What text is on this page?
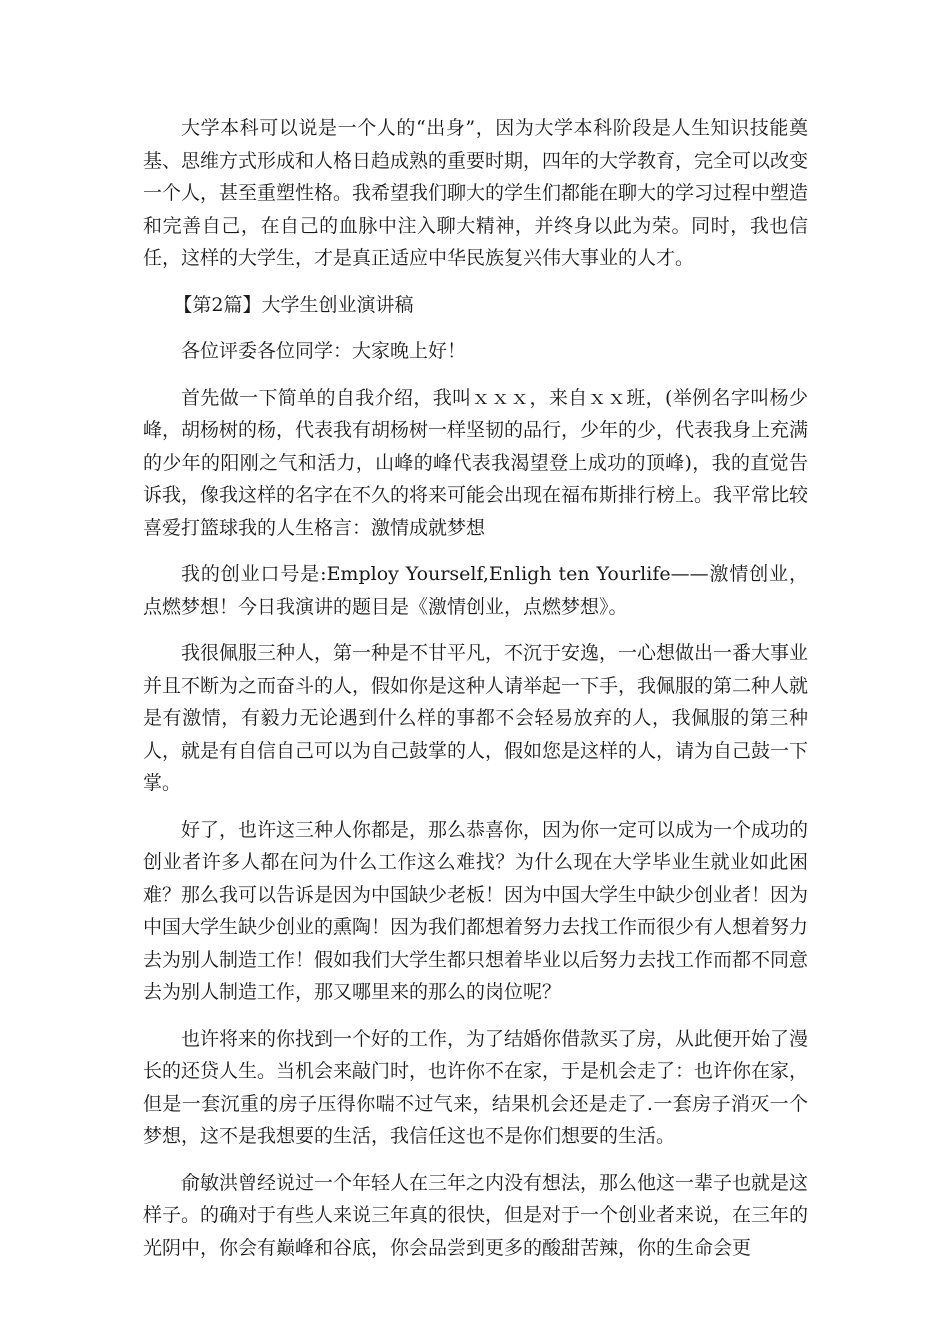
大学本科可以说是一个人的“出身”，因为大学本科阶段是人生知识技能奠基、思维方式形成和人格日趋成熟的重要时期，四年的大学教育，完全可以改变一个人，甚至重塑性格。我希望我们聊大的学生们都能在聊大的学习过程中塑造和完善自己，在自己的血脉中注入聊大精神，并终身以此为荣。同时，我也信任，这样的大学生，才是真正适应中华民族复兴伟大事业的人才。

【第2篇】大学生创业演讲稿

各位评委各位同学：大家晚上好！

首先做一下简单的自我介绍，我叫ｘｘｘ，来自ｘｘ班，(举例名字叫杨少峰，胡杨树的杨，代表我有胡杨树一样坚韧的品行，少年的少，代表我身上充满的少年的阳刚之气和活力，山峰的峰代表我渴望登上成功的顶峰)，我的直觉告诉我，像我这样的名字在不久的将来可能会出现在福布斯排行榜上。我平常比较喜爱打篮球我的人生格言：激情成就梦想

我的创业口号是:Employ Yourself,Enligh ten Yourlife——激情创业，点燃梦想！今日我演讲的题目是《激情创业，点燃梦想》。

我很佩服三种人，第一种是不甘平凡，不沉于安逸，一心想做出一番大事业并且不断为之而奋斗的人，假如你是这种人请举起一下手，我佩服的第二种人就是有激情，有毅力无论遇到什么样的事都不会轻易放弃的人，我佩服的第三种人，就是有自信自己可以为自己鼓掌的人，假如您是这样的人，请为自己鼓一下掌。

好了，也许这三种人你都是，那么恭喜你，因为你一定可以成为一个成功的创业者许多人都在问为什么工作这么难找？为什么现在大学毕业生就业如此困难？那么我可以告诉是因为中国缺少老板！因为中国大学生中缺少创业者！因为中国大学生缺少创业的熏陶！因为我们都想着努力去找工作而很少有人想着努力去为别人制造工作！假如我们大学生都只想着毕业以后努力去找工作而都不同意去为别人制造工作，那又哪里来的那么的岗位呢？

也许将来的你找到一个好的工作，为了结婚你借款买了房，从此便开始了漫长的还贷人生。当机会来敲门时，也许你不在家，于是机会走了：也许你在家，但是一套沉重的房子压得你喘不过气来，结果机会还是走了.一套房子消灭一个梦想，这不是我想要的生活，我信任这也不是你们想要的生活。

俞敏洪曾经说过一个年轻人在三年之内没有想法，那么他这一辈子也就是这样子。的确对于有些人来说三年真的很快，但是对于一个创业者来说，在三年的光阴中，你会有巅峰和谷底，你会品尝到更多的酸甜苦辣，你的生命会更
